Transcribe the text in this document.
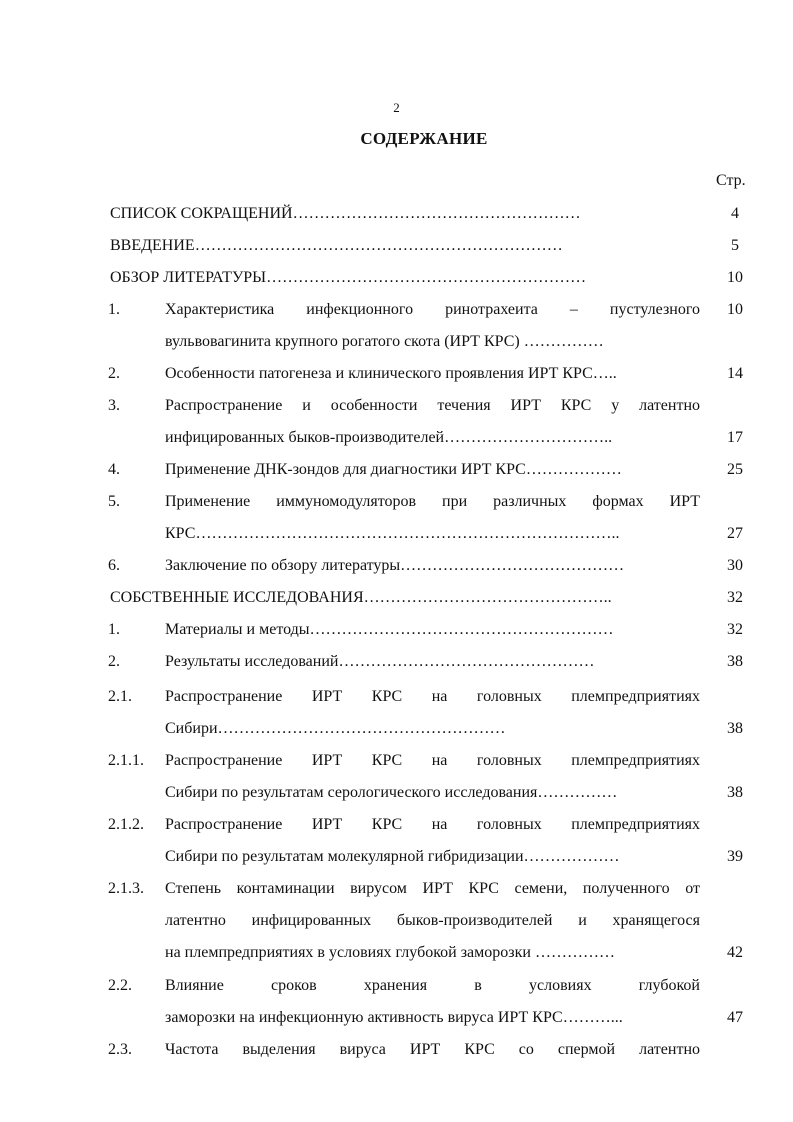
2
СОДЕРЖАНИЕ
Стр.
СПИСОК СОКРАЩЕНИЙ………………………………………………	4
ВВЕДЕНИЕ……………………………………………………………	5
ОБЗОР ЛИТЕРАТУРЫ……………………………………………………	10
1.	Характеристика инфекционного ринотрахеита – пустулезного	10
вульвовагинита крупного рогатого скота (ИРТ КРС) ……………
2.	Особенности патогенеза и клинического проявления ИРТ КРС…..	14
3.	Распространение и особенности течения ИРТ КРС у латентно
инфицированных быков-производителей…………………………..	17
4.	Применение ДНК-зондов для диагностики ИРТ КРС………………	25
5.	Применение иммуномодуляторов при различных формах ИРТ
КРС……………………………………………………………………..	27
6.	Заключение по обзору литературы……………………………………	30
СОБСТВЕННЫЕ ИССЛЕДОВАНИЯ………………………………………..	32
1.	Материалы и методы…………………………………………………	32
2.	Результаты исследований…………………………………………	38
2.1. Распространение ИРТ КРС на головных племпредприятиях
Сибири………………………………………………	38
2.1.1. Распространение ИРТ КРС на головных племпредприятиях
Сибири по результатам серологического исследования……………	38
2.1.2. Распространение ИРТ КРС на головных племпредприятиях
Сибири по результатам молекулярной гибридизации………………	39
2.1.3. Степень контаминации вирусом ИРТ КРС семени, полученного от
латентно инфицированных быков-производителей и хранящегося
на племпредприятиях в условиях глубокой заморозки ……………	42
2.2. Влияние сроков хранения в условиях глубокой
заморозки на инфекционную активность вируса ИРТ КРС………...	47
2.3. Частота выделения вируса ИРТ КРС со спермой латентно
